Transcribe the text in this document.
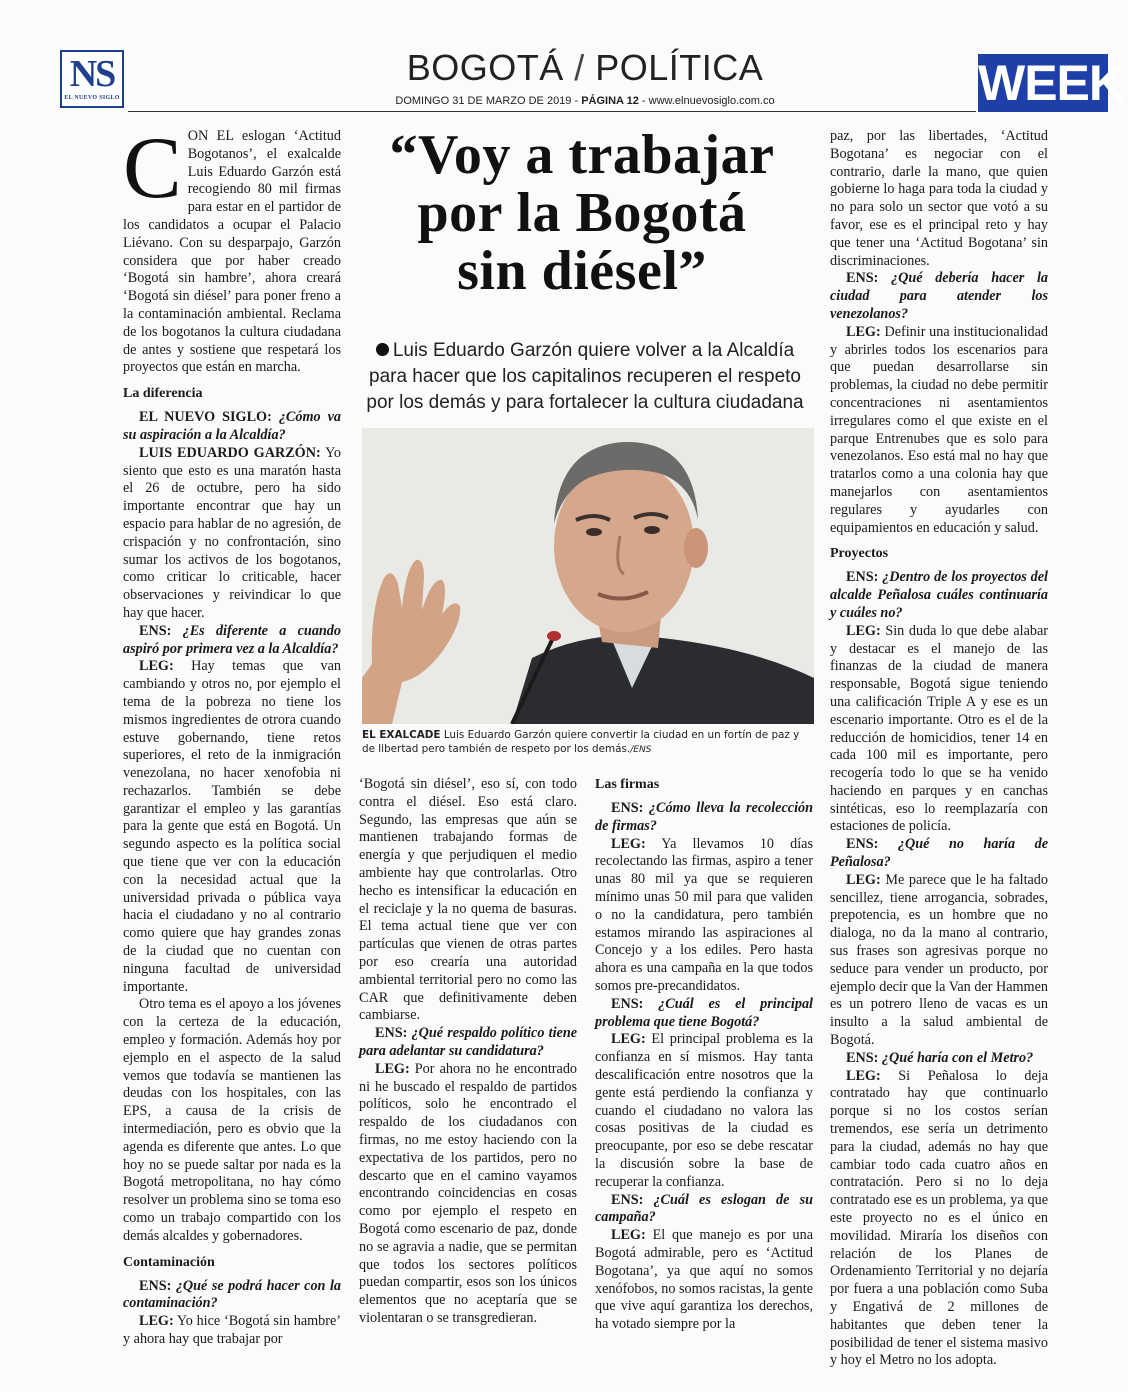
NS
EL NUEVO SIGLO
BOGOTÁ / POLÍTICA
DOMINGO 31 DE MARZO DE 2019 - PÁGINA 12 - www.elnuevosiglo.com.co	WEEK
“Voy a trabajar
por la Bogotá
sin diésel”
Luis Eduardo Garzón quiere volver a la Alcaldía para hacer que los capitalinos recuperen el respeto por los demás y para fortalecer la cultura ciudadana
EL EXALCADE Luis Eduardo Garzón quiere convertir la ciudad en un fortín de paz y de libertad pero también de respeto por los demás./ENS

CON EL eslogan ‘Actitud Bogotanos’, el exalcalde Luis Eduardo Garzón está recogiendo 80 mil firmas para estar en el partidor de los candidatos a ocupar el Palacio Liévano. Con su desparpajo, Garzón considera que por haber creado ‘Bogotá sin hambre’, ahora creará ‘Bogotá sin diésel’ para poner freno a la contaminación ambiental. Reclama de los bogotanos la cultura ciudadana de antes y sostiene que respetará los proyectos que están en marcha.

La diferencia

EL NUEVO SIGLO: ¿Cómo va su aspiración a la Alcaldía?

LUIS EDUARDO GARZÓN: Yo siento que esto es una maratón hasta el 26 de octubre, pero ha sido importante encontrar que hay un espacio para hablar de no agresión, de crispación y no confrontación, sino sumar los activos de los bogotanos, como criticar lo criticable, hacer observaciones y reivindicar lo que hay que hacer.

ENS: ¿Es diferente a cuando aspiró por primera vez a la Alcaldía?

LEG: Hay temas que van cambiando y otros no, por ejemplo el tema de la pobreza no tiene los mismos ingredientes de otrora cuando estuve gobernando, tiene retos superiores, el reto de la inmigración venezolana, no hacer xenofobia ni rechazarlos. También se debe garantizar el empleo y las garantías para la gente que está en Bogotá. Un segundo aspecto es la política social que tiene que ver con la educación con la necesidad actual que la universidad privada o pública vaya hacia el ciudadano y no al contrario como quiere que hay grandes zonas de la ciudad que no cuentan con ninguna facultad de universidad importante.

Otro tema es el apoyo a los jóvenes con la certeza de la educación, empleo y formación. Además hoy por ejemplo en el aspecto de la salud vemos que todavía se mantienen las deudas con los hospitales, con las EPS, a causa de la crisis de intermediación, pero es obvio que la agenda es diferente que antes. Lo que hoy no se puede saltar por nada es la Bogotá metropolitana, no hay cómo resolver un problema sino se toma eso como un trabajo compartido con los demás alcaldes y gobernadores.

Contaminación

ENS: ¿Qué se podrá hacer con la contaminación?

LEG: Yo hice ‘Bogotá sin hambre’ y ahora hay que trabajar por

‘Bogotá sin diésel’, eso sí, con todo contra el diésel. Eso está claro. Segundo, las empresas que aún se mantienen trabajando formas de energía y que perjudiquen el medio ambiente hay que controlarlas. Otro hecho es intensificar la educación en el reciclaje y la no quema de basuras. El tema actual tiene que ver con partículas que vienen de otras partes por eso crearía una autoridad ambiental territorial pero no como las CAR que definitivamente deben cambiarse.

ENS: ¿Qué respaldo político tiene para adelantar su candidatura?

LEG: Por ahora no he encontrado ni he buscado el respaldo de partidos políticos, solo he encontrado el respaldo de los ciudadanos con firmas, no me estoy haciendo con la expectativa de los partidos, pero no descarto que en el camino vayamos encontrando coincidencias en cosas como por ejemplo el respeto en Bogotá como escenario de paz, donde no se agravia a nadie, que se permitan que todos los sectores políticos puedan compartir, esos son los únicos elementos que no aceptaría que se violentaran o se transgredieran.

Las firmas

ENS: ¿Cómo lleva la recolección de firmas?

LEG: Ya llevamos 10 días recolectando las firmas, aspiro a tener unas 80 mil ya que se requieren mínimo unas 50 mil para que validen o no la candidatura, pero también estamos mirando las aspiraciones al Concejo y a los ediles. Pero hasta ahora es una campaña en la que todos somos pre-precandidatos.

ENS: ¿Cuál es el principal problema que tiene Bogotá?

LEG: El principal problema es la confianza en sí mismos. Hay tanta descalificación entre nosotros que la gente está perdiendo la confianza y cuando el ciudadano no valora las cosas positivas de la ciudad es preocupante, por eso se debe rescatar la discusión sobre la base de recuperar la confianza.

ENS: ¿Cuál es eslogan de su campaña?

LEG: El que manejo es por una Bogotá admirable, pero es ‘Actitud Bogotana’, ya que aquí no somos xenófobos, no somos racistas, la gente que vive aquí garantiza los derechos, ha votado siempre por la

paz, por las libertades, ‘Actitud Bogotana’ es negociar con el contrario, darle la mano, que quien gobierne lo haga para toda la ciudad y no para solo un sector que votó a su favor, ese es el principal reto y hay que tener una ‘Actitud Bogotana’ sin discriminaciones.

ENS: ¿Qué debería hacer la ciudad para atender los venezolanos?

LEG: Definir una institucionalidad y abrirles todos los escenarios para que puedan desarrollarse sin problemas, la ciudad no debe permitir concentraciones ni asentamientos irregulares como el que existe en el parque Entrenubes que es solo para venezolanos. Eso está mal no hay que tratarlos como a una colonia hay que manejarlos con asentamientos regulares y ayudarles con equipamientos en educación y salud.

Proyectos

ENS: ¿Dentro de los proyectos del alcalde Peñalosa cuáles continuaría y cuáles no?

LEG: Sin duda lo que debe alabar y destacar es el manejo de las finanzas de la ciudad de manera responsable, Bogotá sigue teniendo una calificación Triple A y ese es un escenario importante. Otro es el de la reducción de homicidios, tener 14 en cada 100 mil es importante, pero recogería todo lo que se ha venido haciendo en parques y en canchas sintéticas, eso lo reemplazaría con estaciones de policía.

ENS: ¿Qué no haría de Peñalosa?

LEG: Me parece que le ha faltado sencillez, tiene arrogancia, sobrades, prepotencia, es un hombre que no dialoga, no da la mano al contrario, sus frases son agresivas porque no seduce para vender un producto, por ejemplo decir que la Van der Hammen es un potrero lleno de vacas es un insulto a la salud ambiental de Bogotá.

ENS: ¿Qué haría con el Metro?

LEG: Si Peñalosa lo deja contratado hay que continuarlo porque si no los costos serían tremendos, ese sería un detrimento para la ciudad, además no hay que cambiar todo cada cuatro años en contratación. Pero si no lo deja contratado ese es un problema, ya que este proyecto no es el único en movilidad. Miraría los diseños con relación de los Planes de Ordenamiento Territorial y no dejaría por fuera a una población como Suba y Engativá de 2 millones de habitantes que deben tener la posibilidad de tener el sistema masivo y hoy el Metro no los adopta.
